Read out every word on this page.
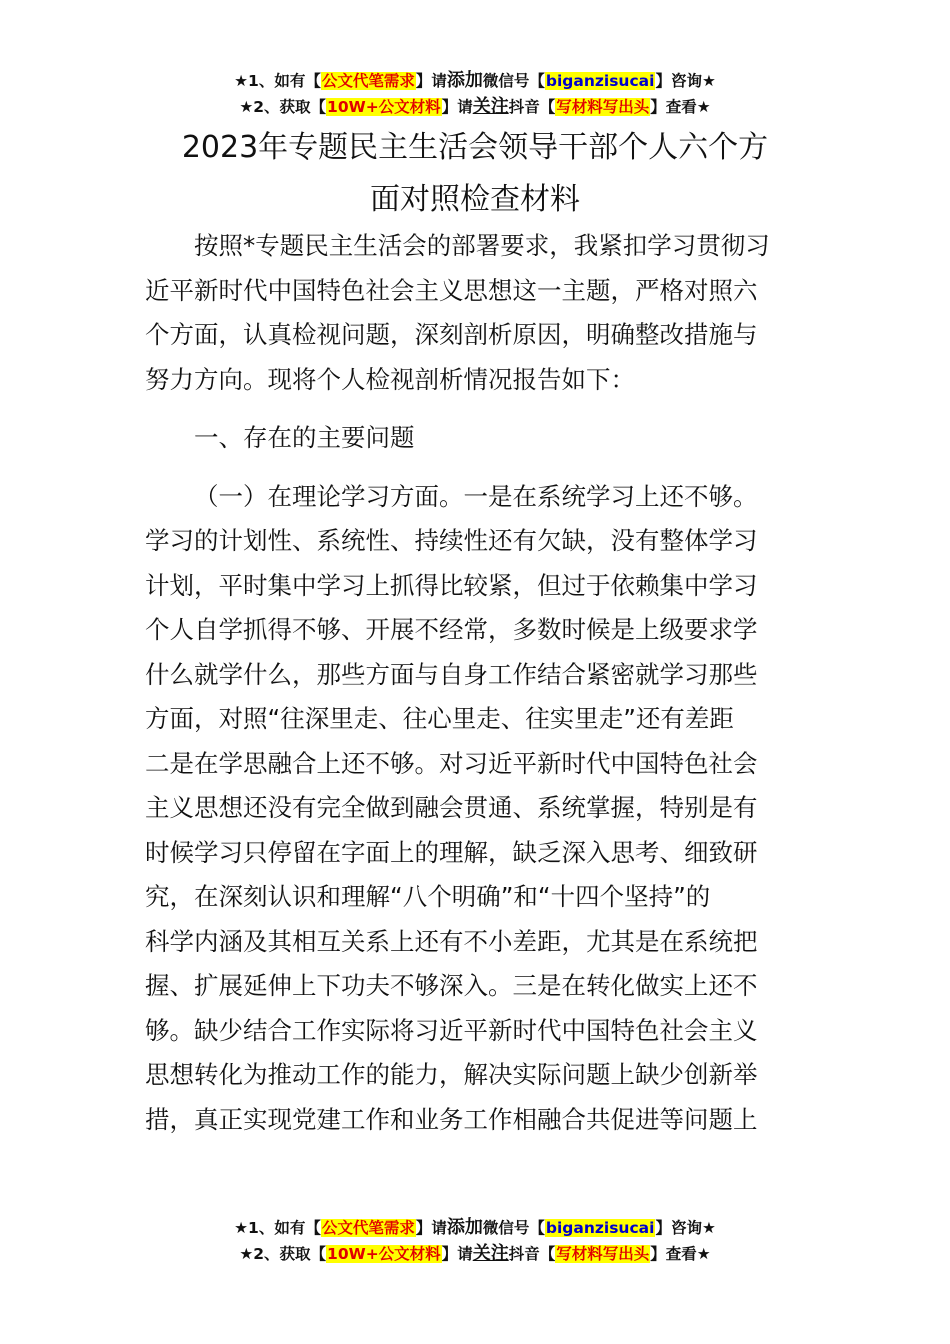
★1、如有【公文代笔需求】请添加微信号【biganzisucai】咨询★
★2、获取【10W+公文材料】请关注抖音【写材料写出头】查看★
2023年专题民主生活会领导干部个人六个方
面对照检查材料
按照*专题民主生活会的部署要求，我紧扣学习贯彻习
近平新时代中国特色社会主义思想这一主题，严格对照六
个方面，认真检视问题，深刻剖析原因，明确整改措施与
努力方向。现将个人检视剖析情况报告如下：
一、存在的主要问题
（一）在理论学习方面。一是在系统学习上还不够。
学习的计划性、系统性、持续性还有欠缺，没有整体学习
计划，平时集中学习上抓得比较紧，但过于依赖集中学习
个人自学抓得不够、开展不经常，多数时候是上级要求学
什么就学什么，那些方面与自身工作结合紧密就学习那些
方面，对照“往深里走、往心里走、往实里走”还有差距
二是在学思融合上还不够。对习近平新时代中国特色社会
主义思想还没有完全做到融会贯通、系统掌握，特别是有
时候学习只停留在字面上的理解，缺乏深入思考、细致研
究，在深刻认识和理解“八个明确”和“十四个坚持”的
科学内涵及其相互关系上还有不小差距，尤其是在系统把
握、扩展延伸上下功夫不够深入。三是在转化做实上还不
够。缺少结合工作实际将习近平新时代中国特色社会主义
思想转化为推动工作的能力，解决实际问题上缺少创新举
措，真正实现党建工作和业务工作相融合共促进等问题上
★1、如有【公文代笔需求】请添加微信号【biganzisucai】咨询★
★2、获取【10W+公文材料】请关注抖音【写材料写出头】查看★
